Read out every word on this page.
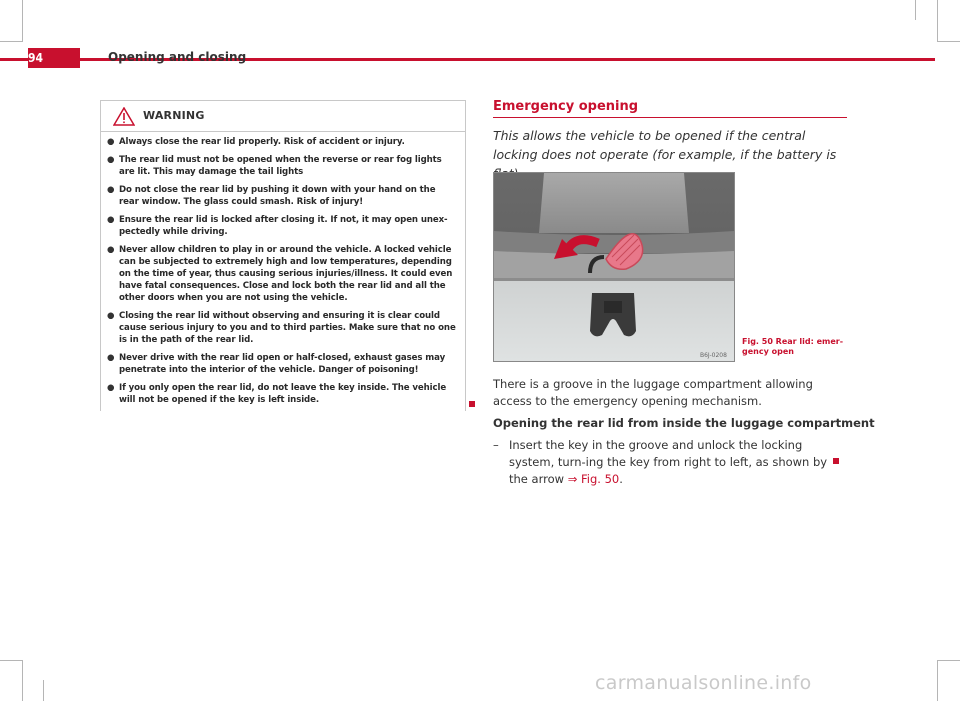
94	Opening and closing
WARNING
● Always close the rear lid properly. Risk of accident or injury.
● The rear lid must not be opened when the reverse or rear fog lights are lit. This may damage the tail lights
● Do not close the rear lid by pushing it down with your hand on the rear window. The glass could smash. Risk of injury!
● Ensure the rear lid is locked after closing it. If not, it may open unex-pectedly while driving.
● Never allow children to play in or around the vehicle. A locked vehicle can be subjected to extremely high and low temperatures, depending on the time of year, thus causing serious injuries/illness. It could even have fatal consequences. Close and lock both the rear lid and all the other doors when you are not using the vehicle.
● Closing the rear lid without observing and ensuring it is clear could cause serious injury to you and to third parties. Make sure that no one is in the path of the rear lid.
● Never drive with the rear lid open or half-closed, exhaust gases may penetrate into the interior of the vehicle. Danger of poisoning!
● If you only open the rear lid, do not leave the key inside. The vehicle will not be opened if the key is left inside.
Emergency opening
This allows the vehicle to be opened if the central locking does not operate (for example, if the battery is
B6J-0208
Fig. 50 Rear lid: emer-gency open
There is a groove in the luggage compartment allowing access to the emergency opening mechanism.
Opening the rear lid from inside the luggage compartment
– Insert the key in the groove and unlock the locking system, turn-ing the key from right to left, as shown by the arrow ⇒ Fig. 50.
carmanualsonline.info
